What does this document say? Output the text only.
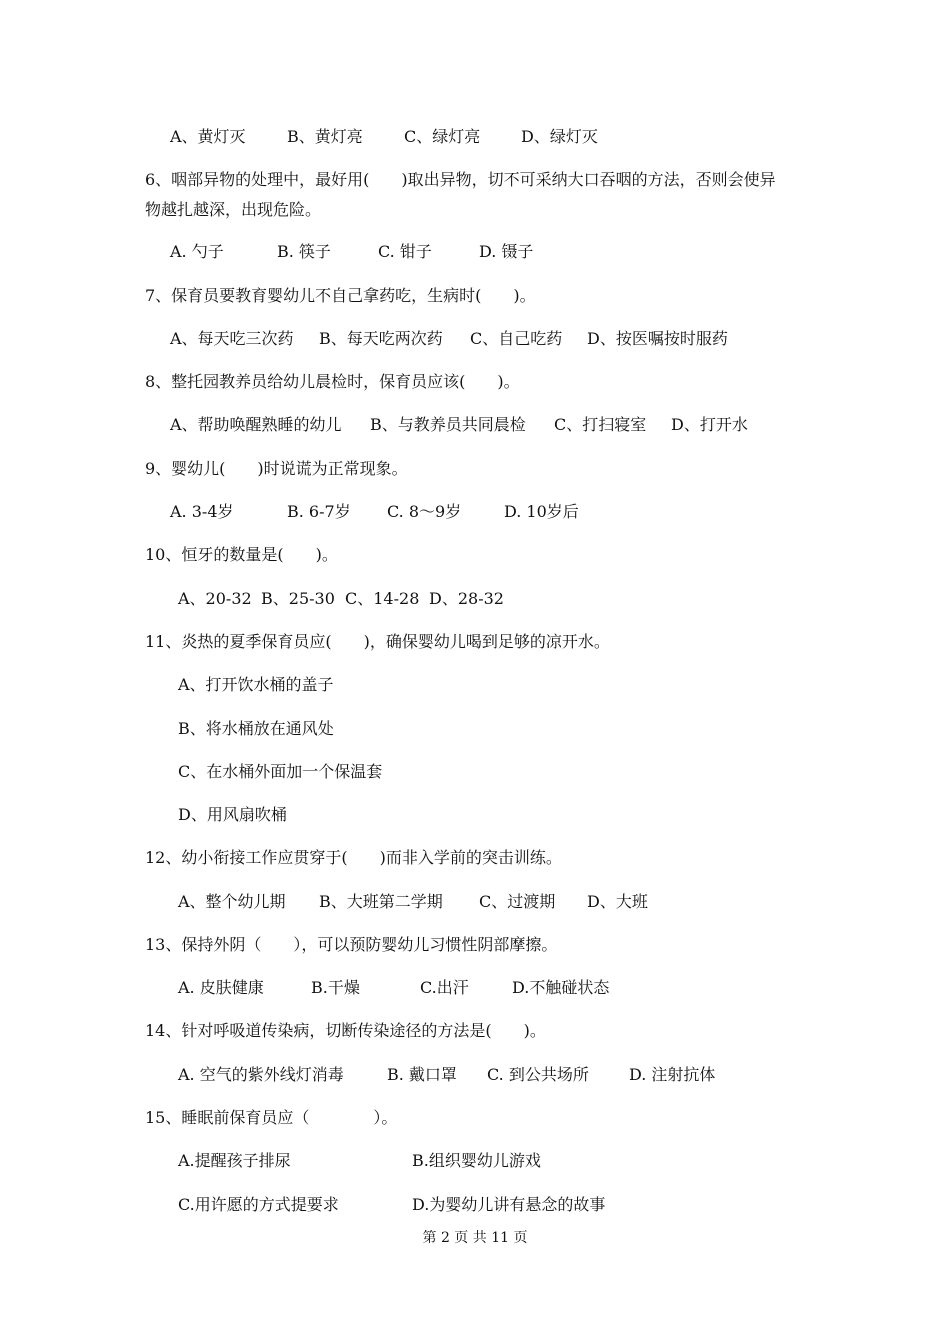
A、黄灯灭	B、黄灯亮	C、绿灯亮	D、绿灯灭
6、咽部异物的处理中，最好用(　　)取出异物，切不可采纳大口吞咽的方法，否则会使异
物越扎越深，出现危险。
A. 勺子	B. 筷子	C. 钳子	D. 镊子
7、保育员要教育婴幼儿不自己拿药吃，生病时(　　)。
A、每天吃三次药 B、每天吃两次药 C、自己吃药 D、按医嘱按时服药
8、整托园教养员给幼儿晨检时，保育员应该(　　)。
A、帮助唤醒熟睡的幼儿 B、与教养员共同晨检 C、打扫寝室 D、打开水
9、婴幼儿(　　)时说谎为正常现象。
A. 3-4岁	B. 6-7岁 C. 8～9岁	D. 10岁后
10、恒牙的数量是(　　)。
A、20-32 B、25-30 C、14-28 D、28-32
11、炎热的夏季保育员应(　　)，确保婴幼儿喝到足够的凉开水。
A、打开饮水桶的盖子
B、将水桶放在通风处
C、在水桶外面加一个保温套
D、用风扇吹桶
12、幼小衔接工作应贯穿于(　　)而非入学前的突击训练。
A、整个幼儿期 B、大班第二学期 C、过渡期 D、大班
13、保持外阴（　　），可以预防婴幼儿习惯性阴部摩擦。
A. 皮肤健康	B.干燥	C.出汗	D.不触碰状态
14、针对呼吸道传染病，切断传染途径的方法是(　　)。
A. 空气的紫外线灯消毒	B. 戴口罩 C. 到公共场所	D. 注射抗体
15、睡眠前保育员应（　　　　）。
A.提醒孩子排尿	B.组织婴幼儿游戏
C.用许愿的方式提要求	D.为婴幼儿讲有悬念的故事
第 2 页 共 11 页
